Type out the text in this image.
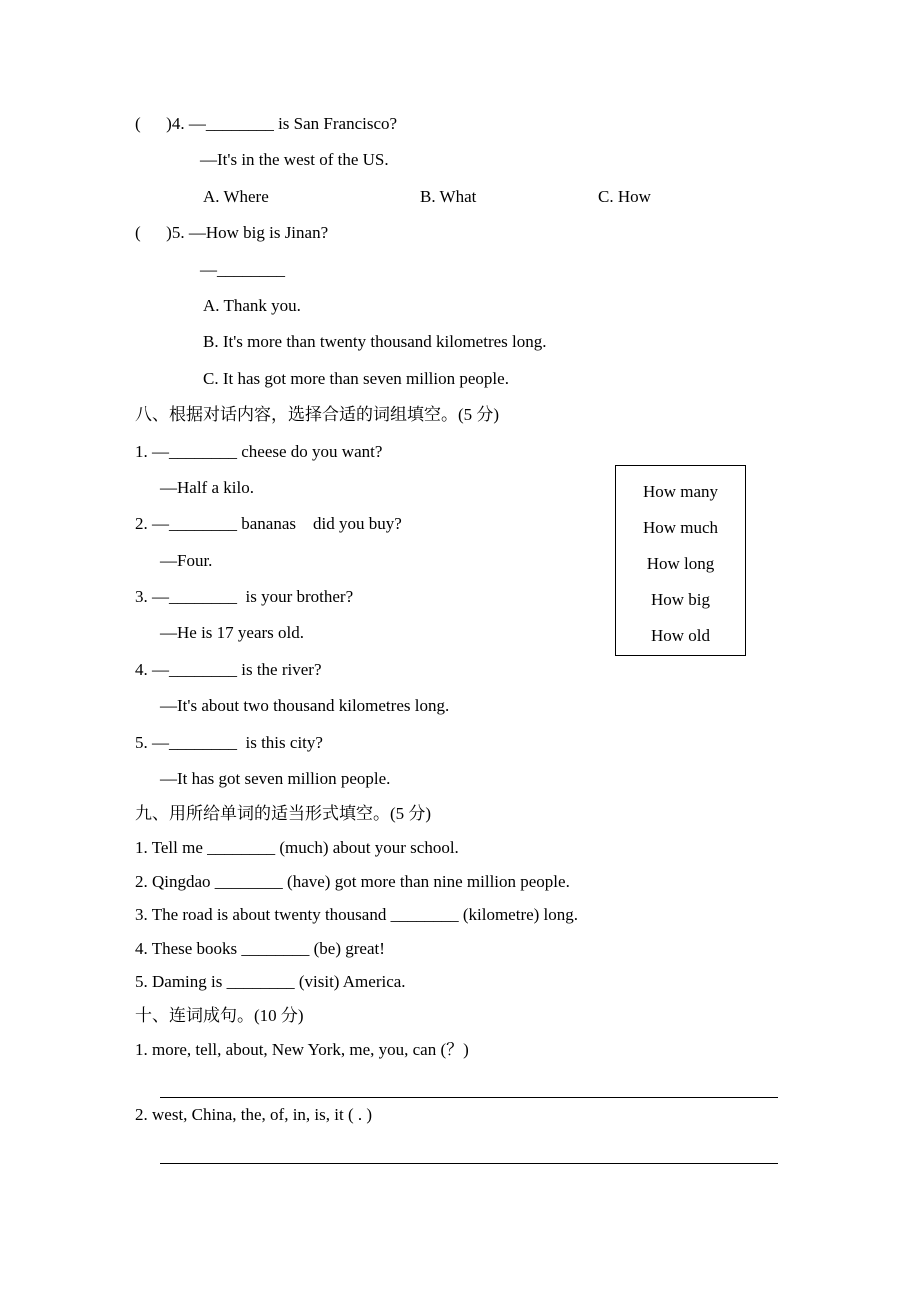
(      )4. —________ is San Francisco?
—It's in the west of the US.
A. Where	B. What	C. How
(      )5. —How big is Jinan?
—________
A. Thank you.
B. It's more than twenty thousand kilometres long.
C. It has got more than seven million people.
八、根据对话内容，选择合适的词组填空。(5 分)
1. —________ cheese do you want?
—Half a kilo.
2. —________ bananas    did you buy?
—Four.
3. —________  is your brother?
—He is 17 years old.
4. —________ is the river?
—It's about two thousand kilometres long.
5. —________  is this city?
—It has got seven million people.
九、用所给单词的适当形式填空。(5 分)
1. Tell me ________ (much) about your school.
2. Qingdao ________ (have) got more than nine million people.
3. The road is about twenty thousand ________ (kilometre) long.
4. These books ________ (be) great!
5. Daming is ________ (visit) America.
十、连词成句。(10 分)
1. more, tell, about, New York, me, you, can (？)
2. west, China, the, of, in, is, it ( . )
How many
How much
How long
How big
How old
